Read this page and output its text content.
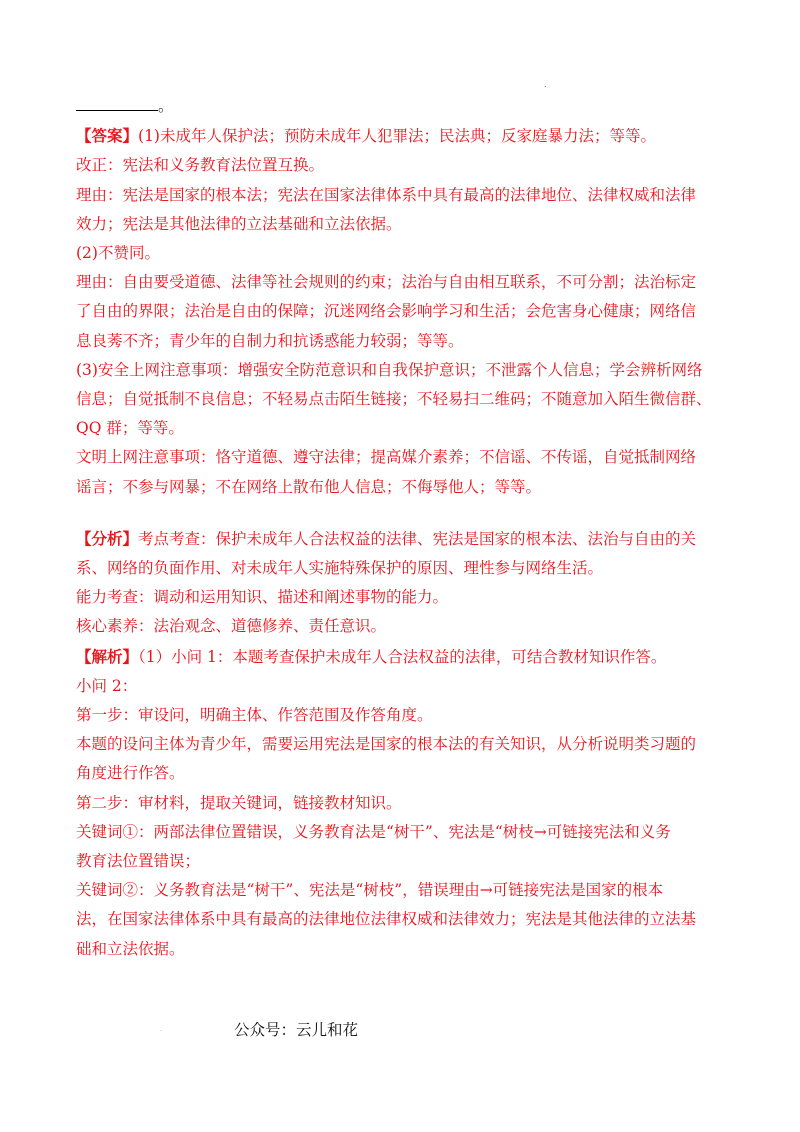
.
。
【答案】(1)未成年人保护法；预防未成年人犯罪法；民法典；反家庭暴力法；等等。
改正：宪法和义务教育法位置互换。
理由：宪法是国家的根本法；宪法在国家法律体系中具有最高的法律地位、法律权威和法律
效力；宪法是其他法律的立法基础和立法依据。
(2)不赞同。
理由：自由要受道德、法律等社会规则的约束；法治与自由相互联系，不可分割；法治标定
了自由的界限；法治是自由的保障；沉迷网络会影响学习和生活；会危害身心健康；网络信
息良莠不齐；青少年的自制力和抗诱惑能力较弱；等等。
(3)安全上网注意事项：增强安全防范意识和自我保护意识；不泄露个人信息；学会辨析网络
信息；自觉抵制不良信息；不轻易点击陌生链接；不轻易扫二维码；不随意加入陌生微信群、
QQ 群；等等。
文明上网注意事项：恪守道德、遵守法律；提高媒介素养；不信谣、不传谣，自觉抵制网络
谣言；不参与网暴；不在网络上散布他人信息；不侮辱他人；等等。
【分析】考点考查：保护未成年人合法权益的法律、宪法是国家的根本法、法治与自由的关
系、网络的负面作用、对未成年人实施特殊保护的原因、理性参与网络生活。
能力考查：调动和运用知识、描述和阐述事物的能力。
核心素养：法治观念、道德修养、责任意识。
【解析】（1）小问 1：本题考查保护未成年人合法权益的法律，可结合教材知识作答。
小问 2：
第一步：审设问，明确主体、作答范围及作答角度。
本题的设问主体为青少年，需要运用宪法是国家的根本法的有关知识，从分析说明类习题的
角度进行作答。
第二步：审材料，提取关键词，链接教材知识。
关键词①：两部法律位置错误，义务教育法是“树干”、宪法是“树枝→可链接宪法和义务
教育法位置错误；
关键词②：义务教育法是“树干”、宪法是“树枝”，错误理由→可链接宪法是国家的根本
法，在国家法律体系中具有最高的法律地位法律权威和法律效力；宪法是其他法律的立法基
础和立法依据。
.	公众号：云儿和花
